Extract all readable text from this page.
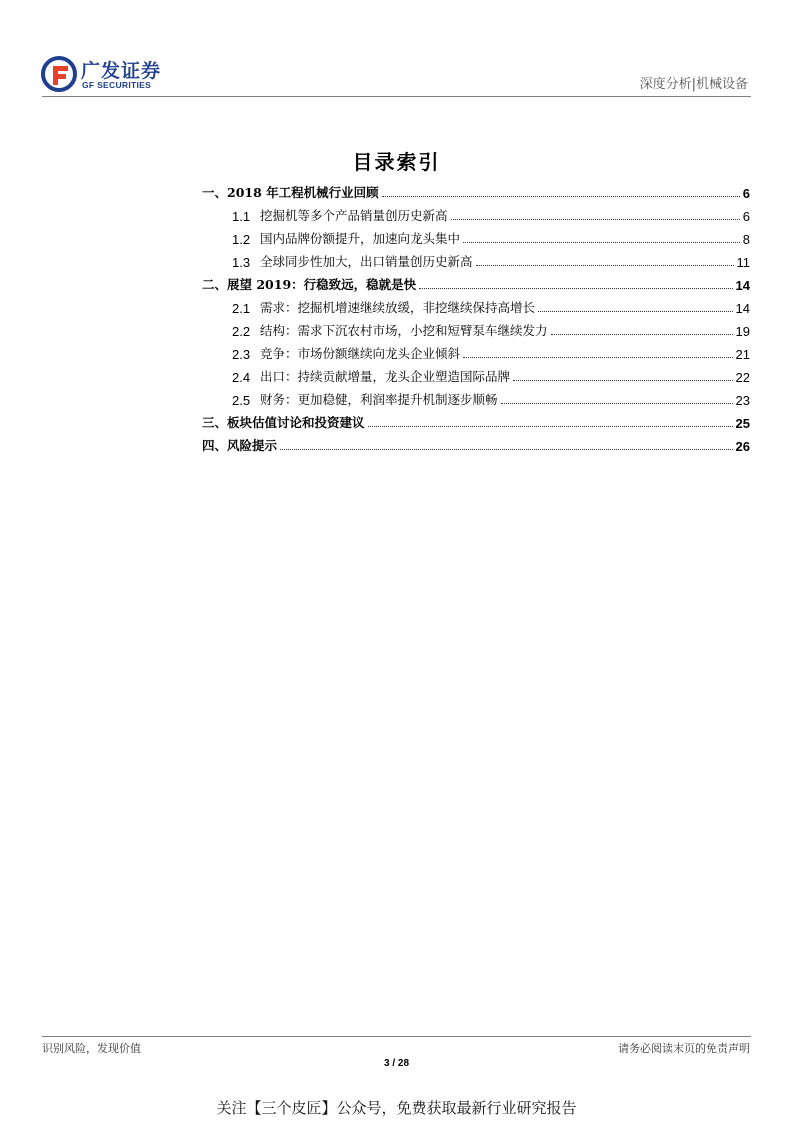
广发证券
GF SECURITIES	深度分析|机械设备
目录索引
一、2018 年工程机械行业回顾	6
1.1 挖掘机等多个产品销量创历史新高	6
1.2 国内品牌份额提升，加速向龙头集中	8
1.3 全球同步性加大，出口销量创历史新高	11
二、展望 2019：行稳致远，稳就是快	14
2.1 需求：挖掘机增速继续放缓，非挖继续保持高增长	14
2.2 结构：需求下沉农村市场，小挖和短臂泵车继续发力	19
2.3 竞争：市场份额继续向龙头企业倾斜	21
2.4 出口：持续贡献增量，龙头企业塑造国际品牌	22
2.5 财务：更加稳健，利润率提升机制逐步顺畅	23
三、板块估值讨论和投资建议	25
四、风险提示	26
识别风险，发现价值	请务必阅读末页的免责声明
3 / 28
关注【三个皮匠】公众号，免费获取最新行业研究报告
